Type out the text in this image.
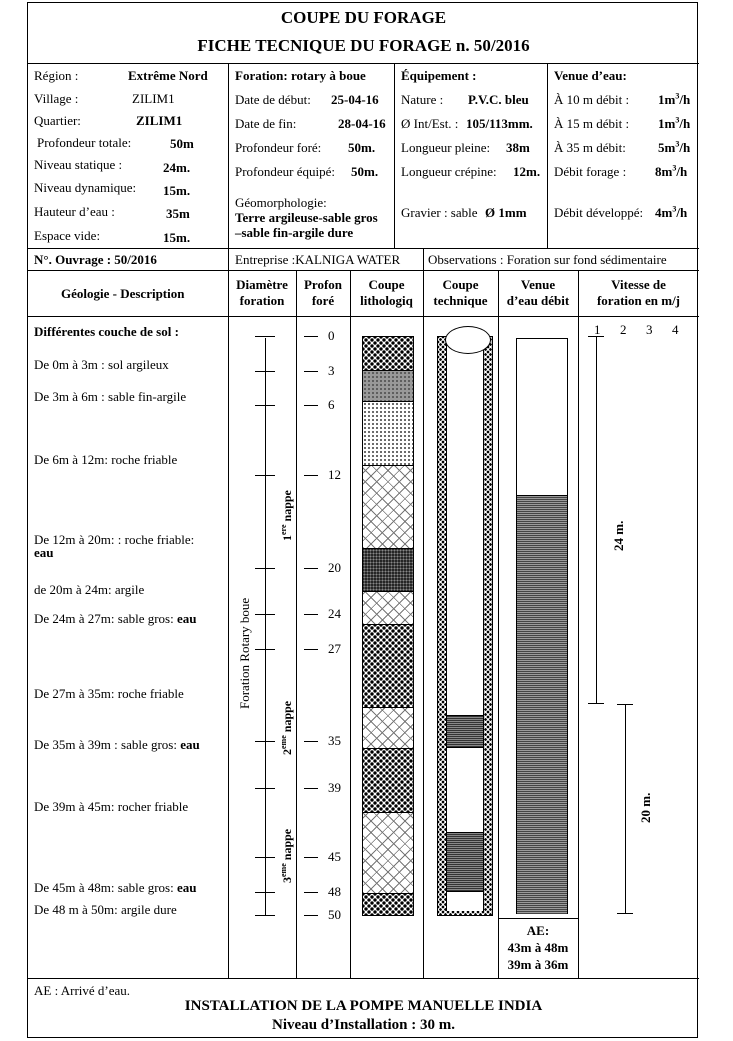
COUPE DU FORAGE
FICHE TECNIQUE DU FORAGE n. 50/2016
Région :	Extrême Nord
Village :	ZILIM1
Quartier:	ZILIM1
Profondeur totale:	50m
Niveau statique :	24m.
Niveau dynamique: 15m.
Hauteur d’eau :	35m
Espace vide:	15m.
Foration: rotary à boue
Date de début: 25-04-16
Date de fin:	28-04-16
Profondeur foré: 50m.
Profondeur équipé: 50m.
Géomorphologie:
Terre argileuse-sable gros
–sable fin-argile dure
Équipement :
Nature : P.V.C. bleu
Ø Int/Est. : 105/113mm.
Longueur pleine: 38m
Longueur crépine: 12m.
Gravier : sable Ø 1mm
Venue d’eau:
À 10 m débit : $1m^3/h$
À 15 m débit : $1m^3/h$
À 35 m débit: $5m^3/h$
Débit forage : $8m^3/h$
Débit développé: $4m^3/h$
N°. Ouvrage : 50/2016	Entreprise :KALNIGA WATER Observations : Foration sur fond sédimentaire
Géologie - Description
Diamètre
foration
Profon
foré
Coupe
lithologiq
Coupe
technique
Venue
d’eau débit
Vitesse de
foration en m/j
Différentes couche de sol :
De 0m à 3m : sol argileux
De 3m à 6m : sable fin-argile
De 6m à 12m: roche friable
De 12m à 20m: : roche friable:
eau
de 20m à 24m: argile
De 24m à 27m: sable gros: eau
De 27m à 35m: roche friable
De 35m à 39m : sable gros: eau
De 39m à 45m: rocher friable
De 45m à 48m: sable gros: eau
De 48 m à 50m: argile dure
Foration Rotary boue
1ere nappe
2eme nappe
3eme nappe
0
3
6
12
20
24
27
35
39
45
48
50
AE:
43m à 48m
39m à 36m
1 2 3 4
24 m.
20 m.
AE : Arrivé d’eau.
INSTALLATION DE LA POMPE MANUELLE INDIA
Niveau d’Installation : 30 m.
